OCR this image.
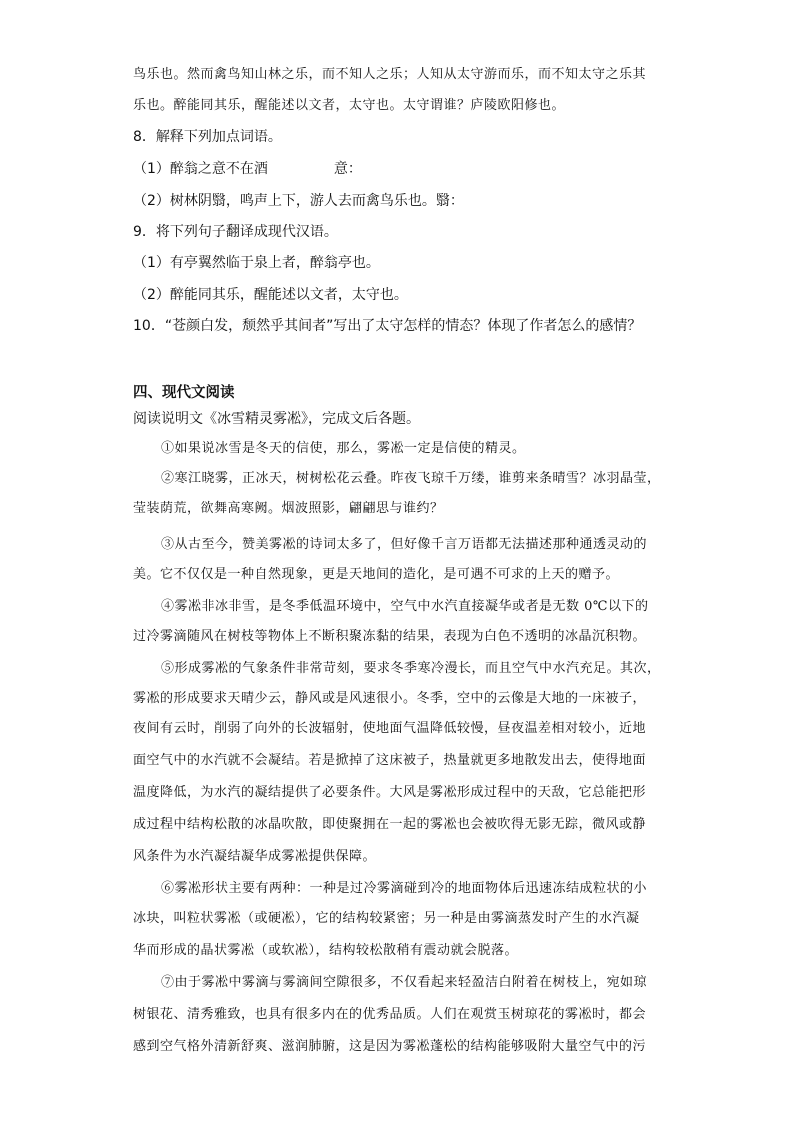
鸟乐也。然而禽鸟知山林之乐，而不知人之乐；人知从太守游而乐，而不知太守之乐其
乐也。醉能同其乐，醒能述以文者，太守也。太守谓谁？庐陵欧阳修也。
8．解释下列加点词语。
（1）醉翁之意不在酒	意：
（2）树林阴翳，鸣声上下，游人去而禽鸟乐也。翳：
9．将下列句子翻译成现代汉语。
（1）有亭翼然临于泉上者，醉翁亭也。
（2）醉能同其乐，醒能述以文者，太守也。
10．“苍颜白发，颓然乎其间者”写出了太守怎样的情态？体现了作者怎么的感情？
四、现代文阅读
阅读说明文《冰雪精灵雾凇》，完成文后各题。
①如果说冰雪是冬天的信使，那么，雾凇一定是信使的精灵。
②寒江晓雾，正冰天，树树松花云叠。昨夜飞琼千万缕，谁剪来条晴雪？冰羽晶莹，
莹装荫荒，欲舞高寒阙。烟波照影，翩翩思与谁约？
③从古至今，赞美雾凇的诗词太多了，但好像千言万语都无法描述那种通透灵动的
美。它不仅仅是一种自然现象，更是天地间的造化，是可遇不可求的上天的赠予。
④雾凇非冰非雪，是冬季低温环境中，空气中水汽直接凝华或者是无数 0℃以下的
过冷雾滴随风在树枝等物体上不断积聚冻黏的结果，表现为白色不透明的冰晶沉积物。
⑤形成雾凇的气象条件非常苛刻，要求冬季寒冷漫长，而且空气中水汽充足。其次，
雾凇的形成要求天晴少云，静风或是风速很小。冬季，空中的云像是大地的一床被子，
夜间有云时，削弱了向外的长波辐射，使地面气温降低较慢，昼夜温差相对较小，近地
面空气中的水汽就不会凝结。若是掀掉了这床被子，热量就更多地散发出去，使得地面
温度降低，为水汽的凝结提供了必要条件。大风是雾凇形成过程中的天敌，它总能把形
成过程中结构松散的冰晶吹散，即使聚拥在一起的雾凇也会被吹得无影无踪，微风或静
风条件为水汽凝结凝华成雾凇提供保障。
⑥雾凇形状主要有两种：一种是过冷雾滴碰到冷的地面物体后迅速冻结成粒状的小
冰块，叫粒状雾凇（或硬凇），它的结构较紧密；另一种是由雾滴蒸发时产生的水汽凝
华而形成的晶状雾凇（或软凇），结构较松散稍有震动就会脱落。
⑦由于雾凇中雾滴与雾滴间空隙很多，不仅看起来轻盈洁白附着在树枝上，宛如琼
树银花、清秀雅致，也具有很多内在的优秀品质。人们在观赏玉树琼花的雾凇时，都会
感到空气格外清新舒爽、滋润肺腑，这是因为雾凇蓬松的结构能够吸附大量空气中的污
